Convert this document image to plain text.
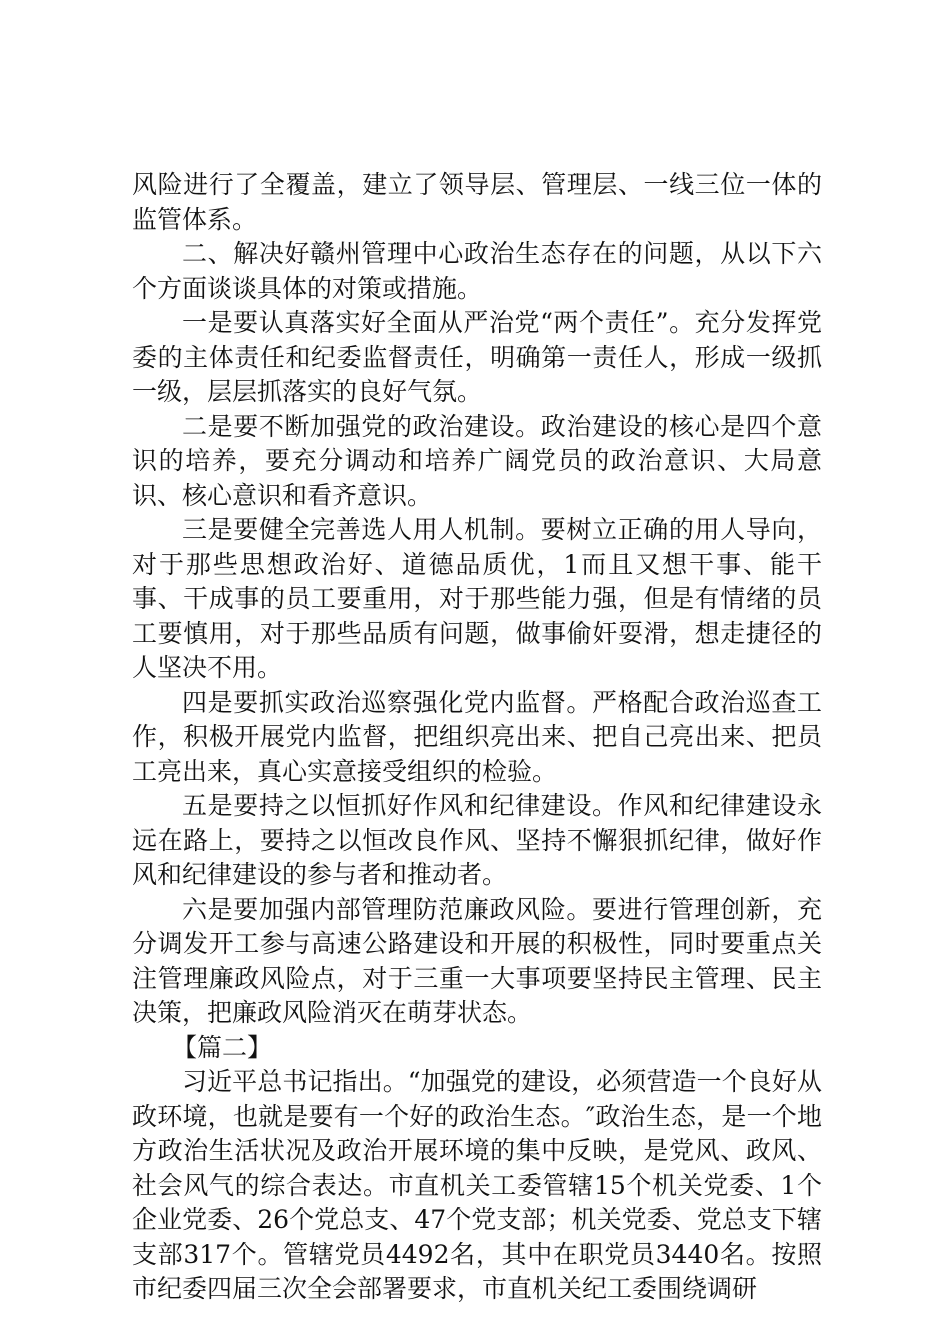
风险进行了全覆盖，建立了领导层、管理层、一线三位一体的监管体系。

二、解决好赣州管理中心政治生态存在的问题，从以下六个方面谈谈具体的对策或措施。

一是要认真落实好全面从严治党“两个责任”。充分发挥党委的主体责任和纪委监督责任，明确第一责任人，形成一级抓一级，层层抓落实的良好气氛。

二是要不断加强党的政治建设。政治建设的核心是四个意识的培养，要充分调动和培养广阔党员的政治意识、大局意识、核心意识和看齐意识。

三是要健全完善选人用人机制。要树立正确的用人导向，对于那些思想政治好、道德品质优，1而且又想干事、能干事、干成事的员工要重用，对于那些能力强，但是有情绪的员工要慎用，对于那些品质有问题，做事偷奸耍滑，想走捷径的人坚决不用。

四是要抓实政治巡察强化党内监督。严格配合政治巡查工作，积极开展党内监督，把组织亮出来、把自己亮出来、把员工亮出来，真心实意接受组织的检验。

五是要持之以恒抓好作风和纪律建设。作风和纪律建设永远在路上，要持之以恒改良作风、坚持不懈狠抓纪律，做好作风和纪律建设的参与者和推动者。

六是要加强内部管理防范廉政风险。要进行管理创新，充分调发开工参与高速公路建设和开展的积极性，同时要重点关注管理廉政风险点，对于三重一大事项要坚持民主管理、民主决策，把廉政风险消灭在萌芽状态。

【篇二】

习近平总书记指出。“加强党的建设，必须营造一个良好从政环境，也就是要有一个好的政治生态。″政治生态，是一个地方政治生活状况及政治开展环境的集中反映，是党风、政风、社会风气的综合表达。市直机关工委管辖15个机关党委、1个企业党委、26个党总支、47个党支部；机关党委、党总支下辖支部317个。管辖党员4492名，其中在职党员3440名。按照市纪委四届三次全会部署要求，市直机关纪工委围绕调研
